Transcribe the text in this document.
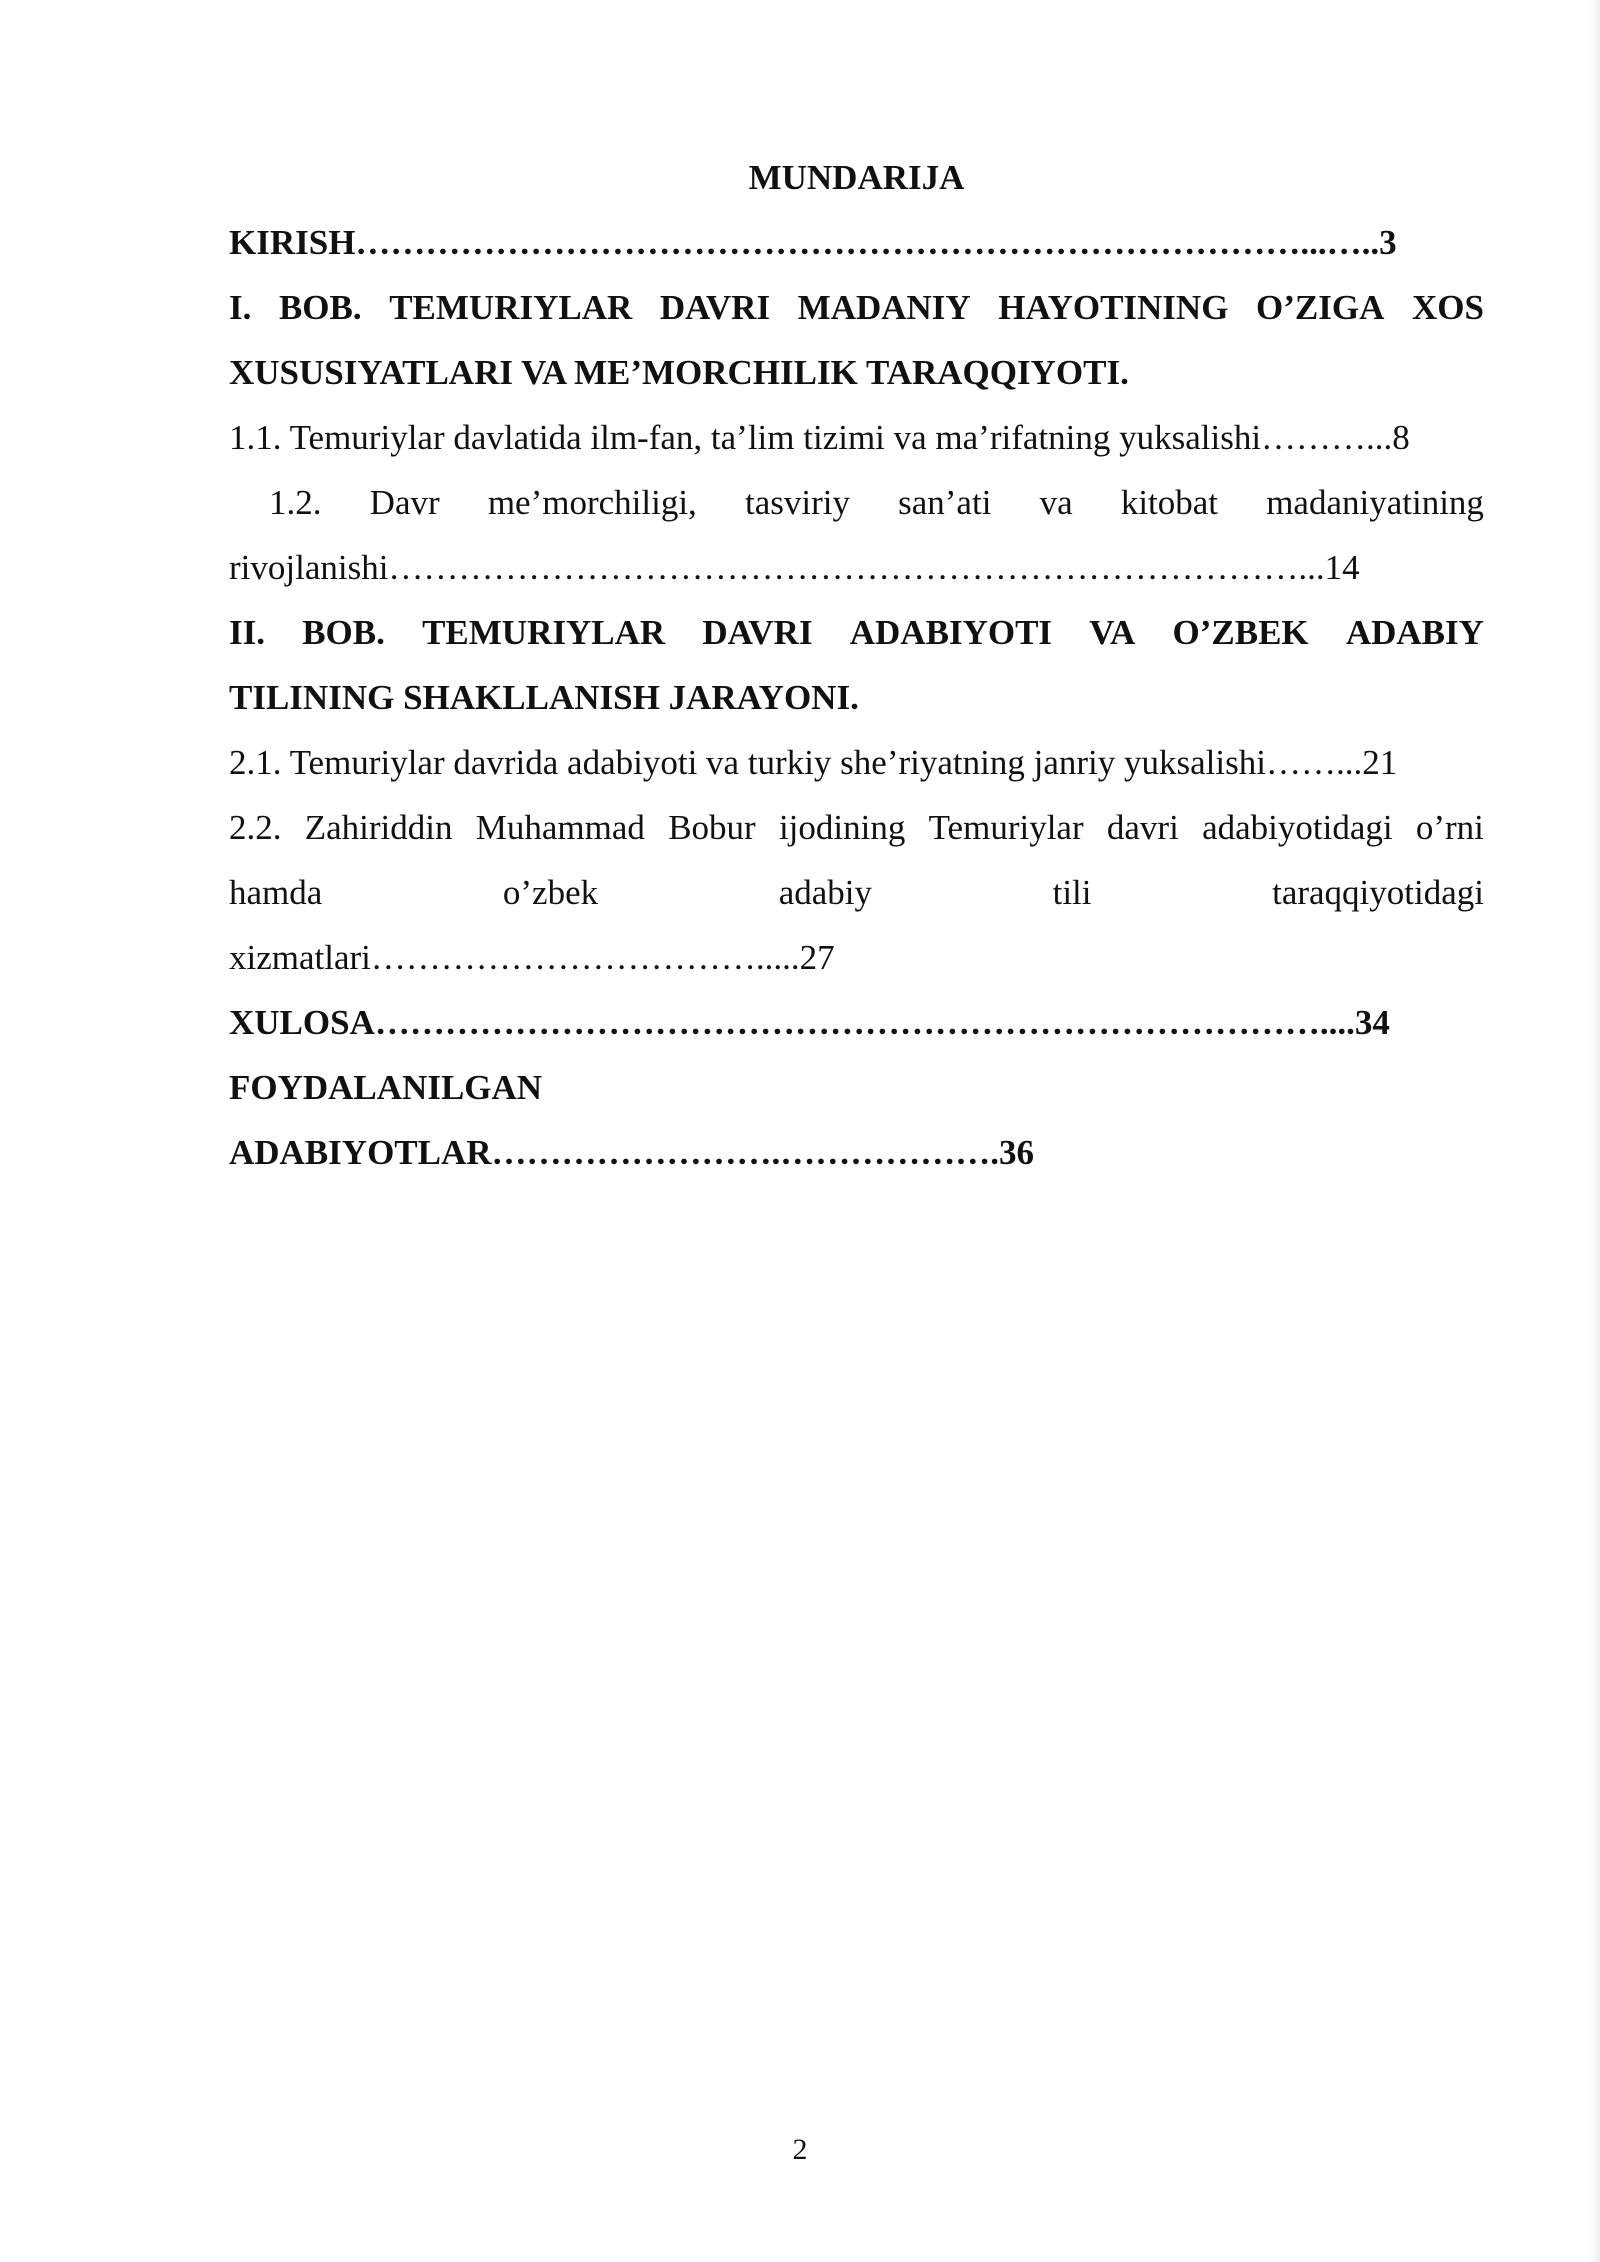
MUNDARIJA
KIRISH………………………………………………………………………...…..3
I. BOB. TEMURIYLAR DAVRI MADANIY HAYOTINING O’ZIGA XOS
XUSUSIYATLARI VA ME’MORCHILIK TARAQQIYOTI.
1.1. Temuriylar davlatida ilm-fan, ta’lim tizimi va ma’rifatning yuksalishi………...8
1.2. Davr me’morchiligi, tasviriy san’ati va kitobat madaniyatining
rivojlanishi……………………………………………………………………...14
II. BOB. TEMURIYLAR DAVRI ADABIYOTI VA O’ZBEK ADABIY
TILINING SHAKLLANISH JARAYONI.
2.1. Temuriylar davrida adabiyoti va turkiy she’riyatning janriy yuksalishi……...21
2.2. Zahiriddin Muhammad Bobur ijodining Temuriylar davri adabiyotidagi o’rni
hamda	o’zbek	adabiy	tili	taraqqiyotidagi
xizmatlari…………………………….....27
XULOSA………………………………………………………………………....34
FOYDALANILGAN
ADABIYOTLAR…………………….……………….36
2
